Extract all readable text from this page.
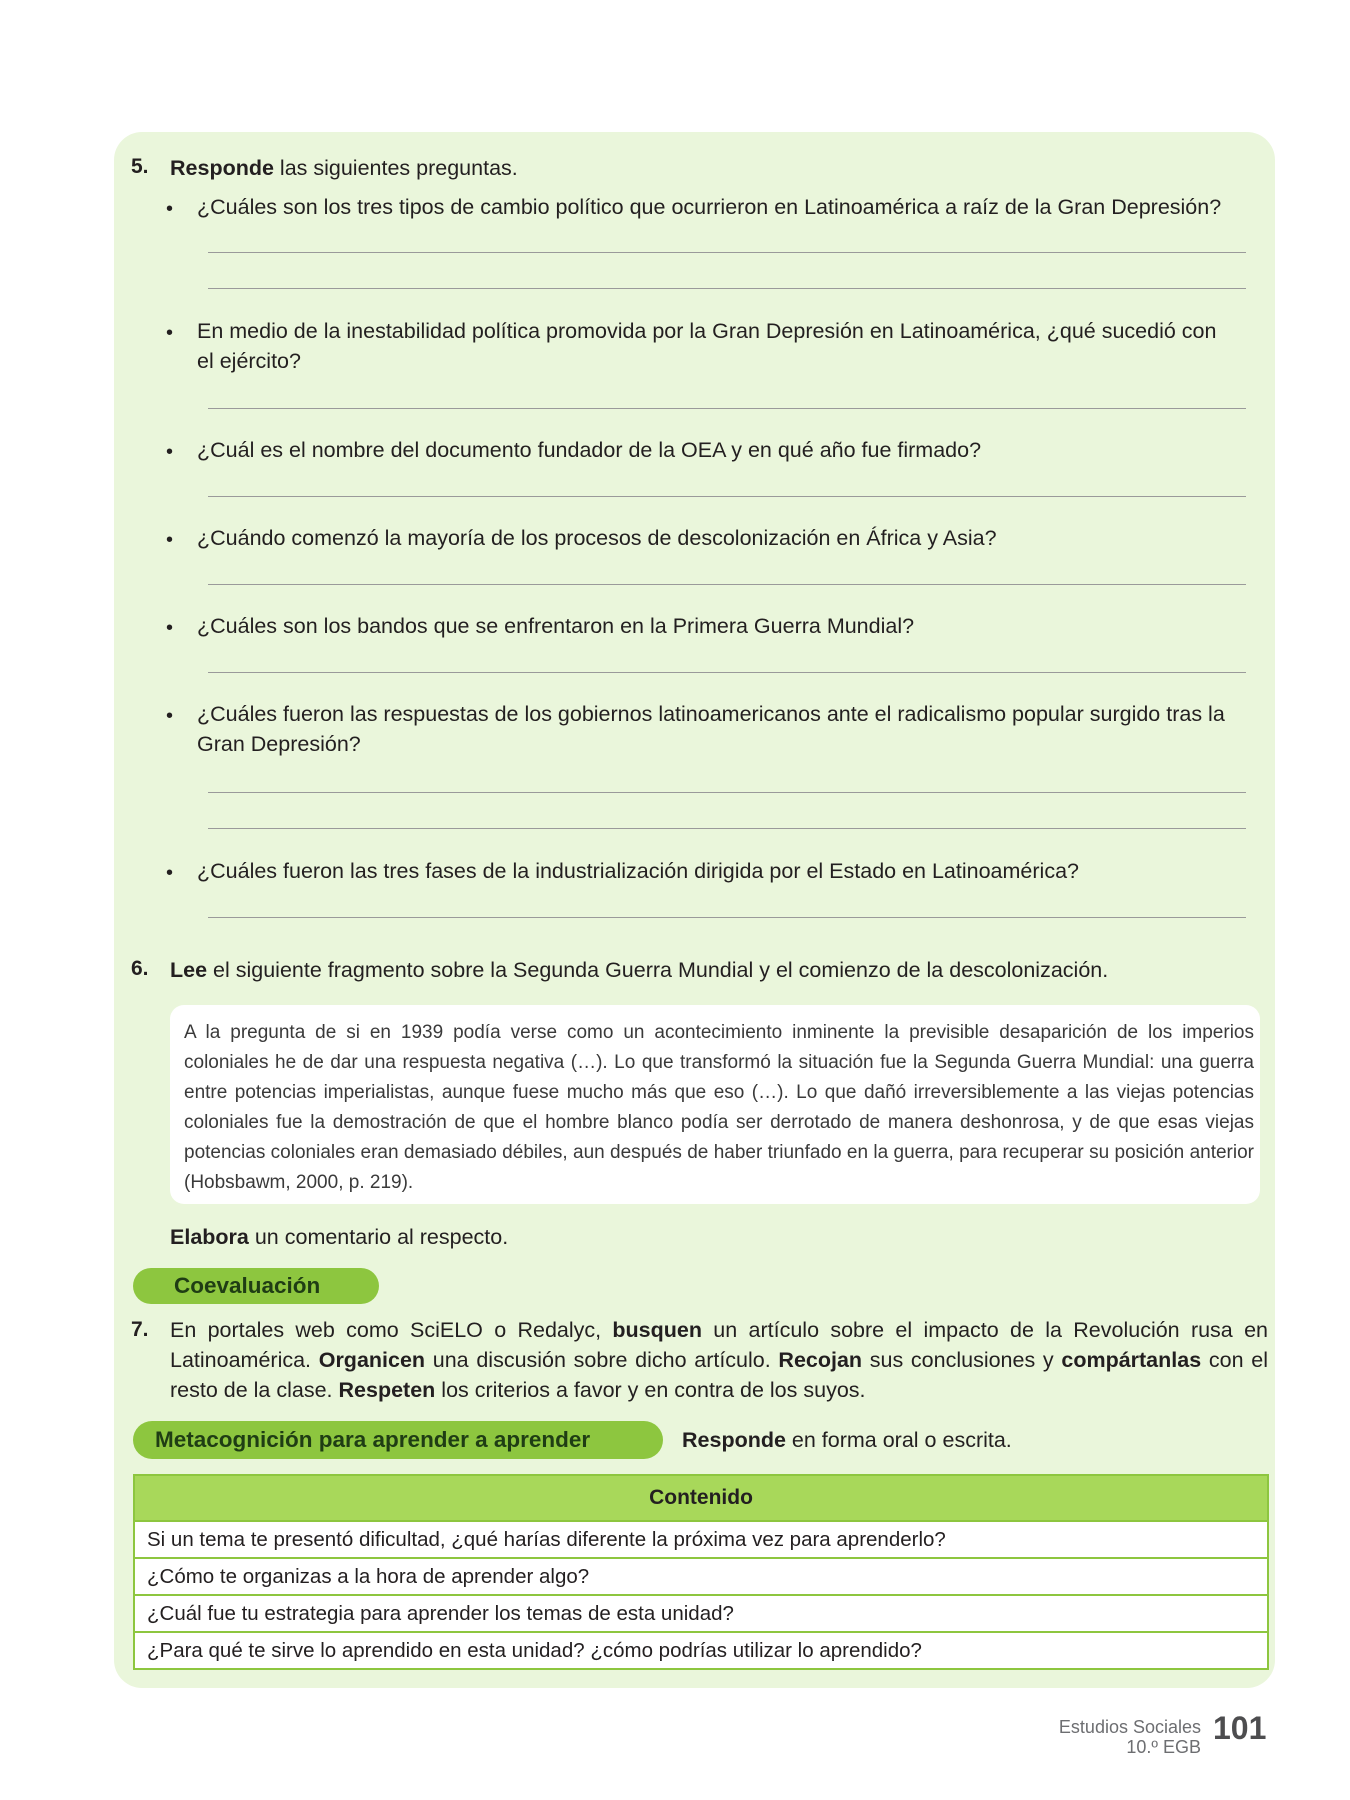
5. Responde las siguientes preguntas.
• ¿Cuáles son los tres tipos de cambio político que ocurrieron en Latinoamérica a raíz de la Gran Depresión?
• En medio de la inestabilidad política promovida por la Gran Depresión en Latinoamérica, ¿qué sucedió con el ejército?
• ¿Cuál es el nombre del documento fundador de la OEA y en qué año fue firmado?
• ¿Cuándo comenzó la mayoría de los procesos de descolonización en África y Asia?
• ¿Cuáles son los bandos que se enfrentaron en la Primera Guerra Mundial?
• ¿Cuáles fueron las respuestas de los gobiernos latinoamericanos ante el radicalismo popular surgido tras la Gran Depresión?
• ¿Cuáles fueron las tres fases de la industrialización dirigida por el Estado en Latinoamérica?
6. Lee el siguiente fragmento sobre la Segunda Guerra Mundial y el comienzo de la descolonización.

A la pregunta de si en 1939 podía verse como un acontecimiento inminente la previsible desaparición de los imperios coloniales he de dar una respuesta negativa (…). Lo que transformó la situación fue la Segunda Guerra Mundial: una guerra entre potencias imperialistas, aunque fuese mucho más que eso (…). Lo que dañó irreversiblemente a las viejas potencias coloniales fue la demostración de que el hombre blanco podía ser derrotado de manera deshonrosa, y de que esas viejas potencias coloniales eran demasiado débiles, aun después de haber triunfado en la guerra, para recuperar su posición anterior (Hobsbawm, 2000, p. 219).

Elabora un comentario al respecto.
Coevaluación
7. En portales web como SciELO o Redalyc, busquen un artículo sobre el impacto de la Revolución rusa en Latinoamérica. Organicen una discusión sobre dicho artículo. Recojan sus conclusiones y compártanlas con el resto de la clase. Respeten los criterios a favor y en contra de los suyos.
Metacognición para aprender a aprender	Responde en forma oral o escrita.
Contenido
Si un tema te presentó dificultad, ¿qué harías diferente la próxima vez para aprenderlo?
¿Cómo te organizas a la hora de aprender algo?
¿Cuál fue tu estrategia para aprender los temas de esta unidad?
¿Para qué te sirve lo aprendido en esta unidad? ¿cómo podrías utilizar lo aprendido?
Estudios Sociales
10.º EGB
101
